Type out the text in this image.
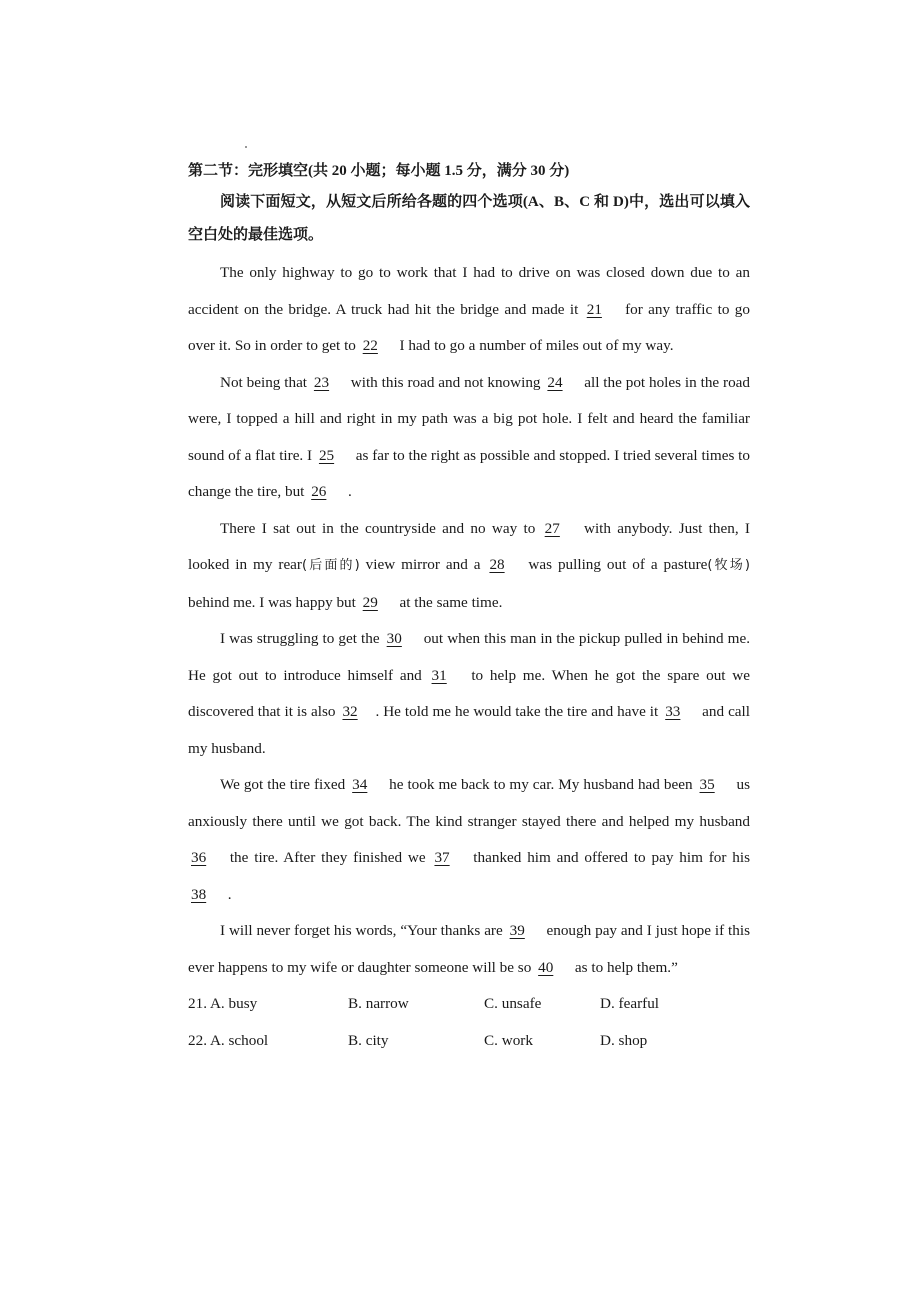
第二节：完形填空(共 20 小题；每小题 1.5 分，满分 30 分)

阅读下面短文，从短文后所给各题的四个选项(A、B、C 和 D)中，选出可以填入空白处的最佳选项。

The only highway to go to work that I had to drive on was closed down due to an accident on the bridge. A truck had hit the bridge and made it 21 for any traffic to go over it. So in order to get to 22 I had to go a number of miles out of my way.

Not being that 23 with this road and not knowing 24 all the pot holes in the road were, I topped a hill and right in my path was a big pot hole. I felt and heard the familiar sound of a flat tire. I 25 as far to the right as possible and stopped. I tried several times to change the tire, but 26 .

There I sat out in the countryside and no way to 27 with anybody. Just then, I looked in my rear(后面的) view mirror and a 28 was pulling out of a pasture(牧场) behind me. I was happy but 29 at the same time.

I was struggling to get the 30 out when this man in the pickup pulled in behind me. He got out to introduce himself and 31 to help me. When he got the spare out we discovered that it is also 32 . He told me he would take the tire and have it 33 and call my husband.

We got the tire fixed 34 he took me back to my car. My husband had been 35 us anxiously there until we got back. The kind stranger stayed there and helped my husband 36 the tire. After they finished we 37 thanked him and offered to pay him for his 38 .

I will never forget his words, “Your thanks are 39 enough pay and I just hope if this ever happens to my wife or daughter someone will be so 40 as to help them.”

21. A. busy	B. narrow	C. unsafe	D. fearful
22. A. school	B. city	C. work	D. shop
